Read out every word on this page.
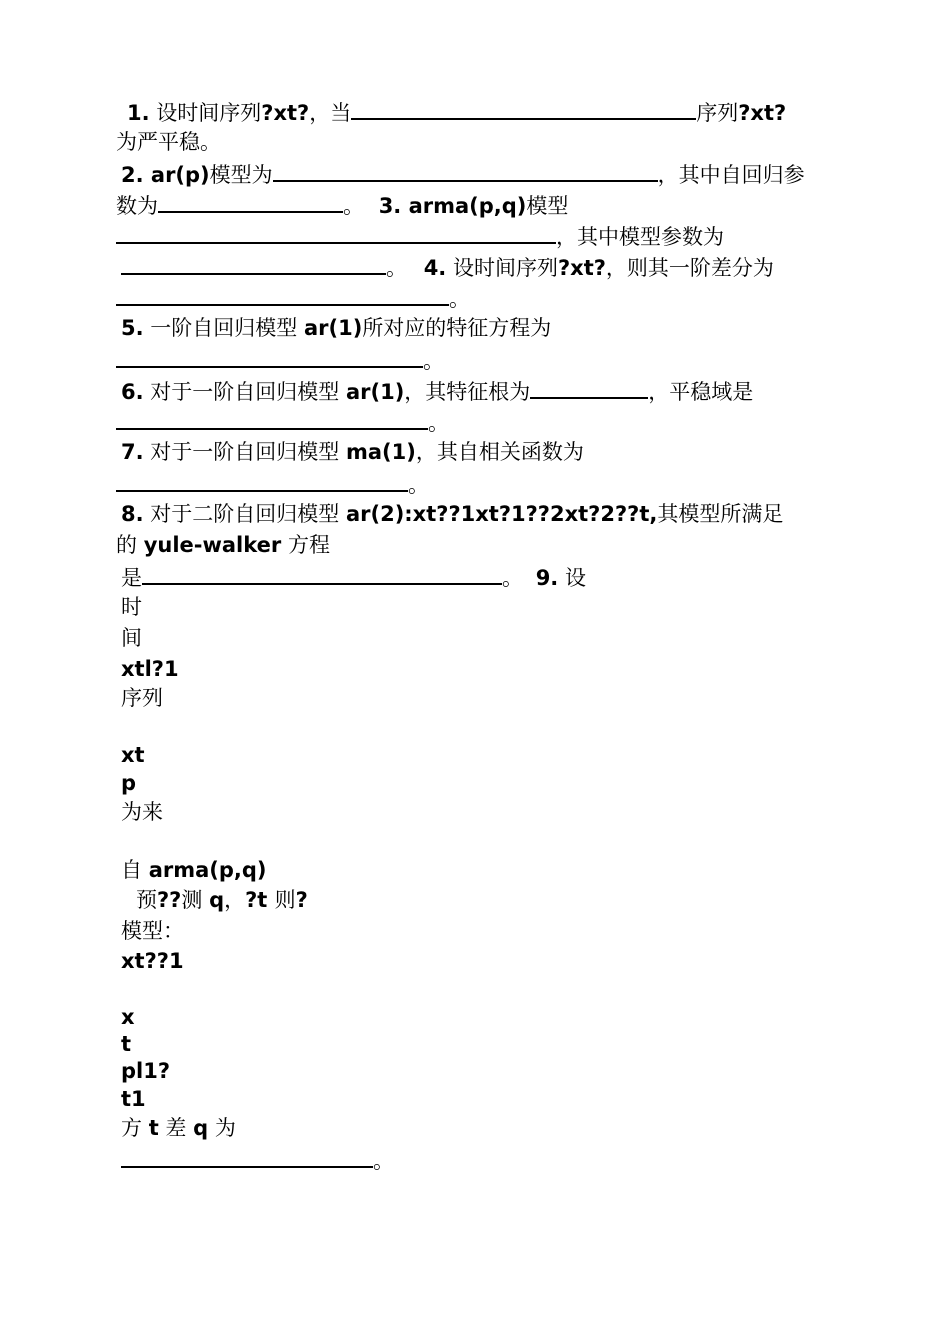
1. 设时间序列?xt?，当	序列?xt?
为严平稳。
2. ar(p)模型为	，其中自回归参
数为	。 3. arma(p,q)模型
，其中模型参数为
。 4. 设时间序列?xt?，则其一阶差分为
。
5. 一阶自回归模型 ar(1)所对应的特征方程为
。
6. 对于一阶自回归模型 ar(1)，其特征根为	，平稳域是
。
7. 对于一阶自回归模型 ma(1)，其自相关函数为
。
8. 对于二阶自回归模型 ar(2):xt??1xt?1??2xt?2??t,其模型所满足
的 yule-walker 方程
是	。 9. 设
时
间
xtl?1
序列
xt
p
为来
自 arma(p,q)
预??测 q，?t 则?
模型：
xt??1
x
t
pl1?
t1
方 t 差 q 为
。
